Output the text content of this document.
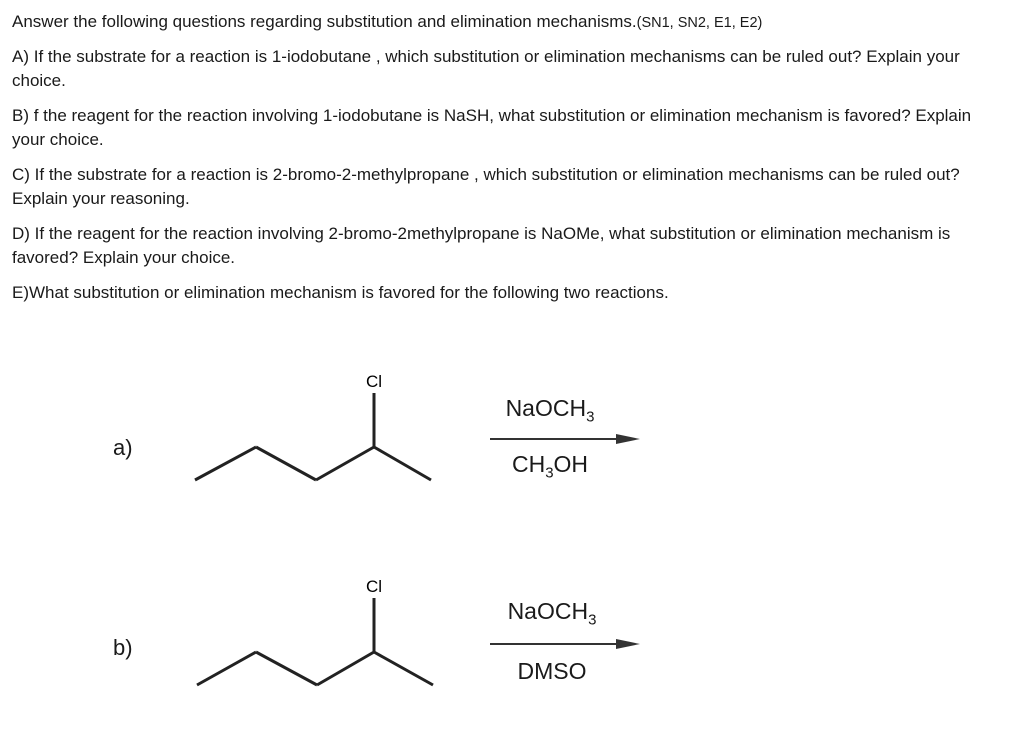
Answer the following questions regarding substitution and elimination mechanisms.(SN1, SN2, E1, E2)

A) If the substrate for a reaction is 1-iodobutane , which substitution or elimination mechanisms can be ruled out? Explain your choice.

B) f the reagent for the reaction involving 1-iodobutane is NaSH, what substitution or elimination mechanism is favored? Explain your choice.

C) If the substrate for a reaction is 2-bromo-2-methylpropane , which substitution or elimination mechanisms can be ruled out? Explain your reasoning.

D) If the reagent for the reaction involving 2-bromo-2methylpropane is NaOMe, what substitution or elimination mechanism is favored? Explain your choice.

E)What substitution or elimination mechanism is favored for the following two reactions.

a)
Cl
NaOCH$_3$
$CH_3OH$
b)
Cl
NaOCH$_3$
DMSO
